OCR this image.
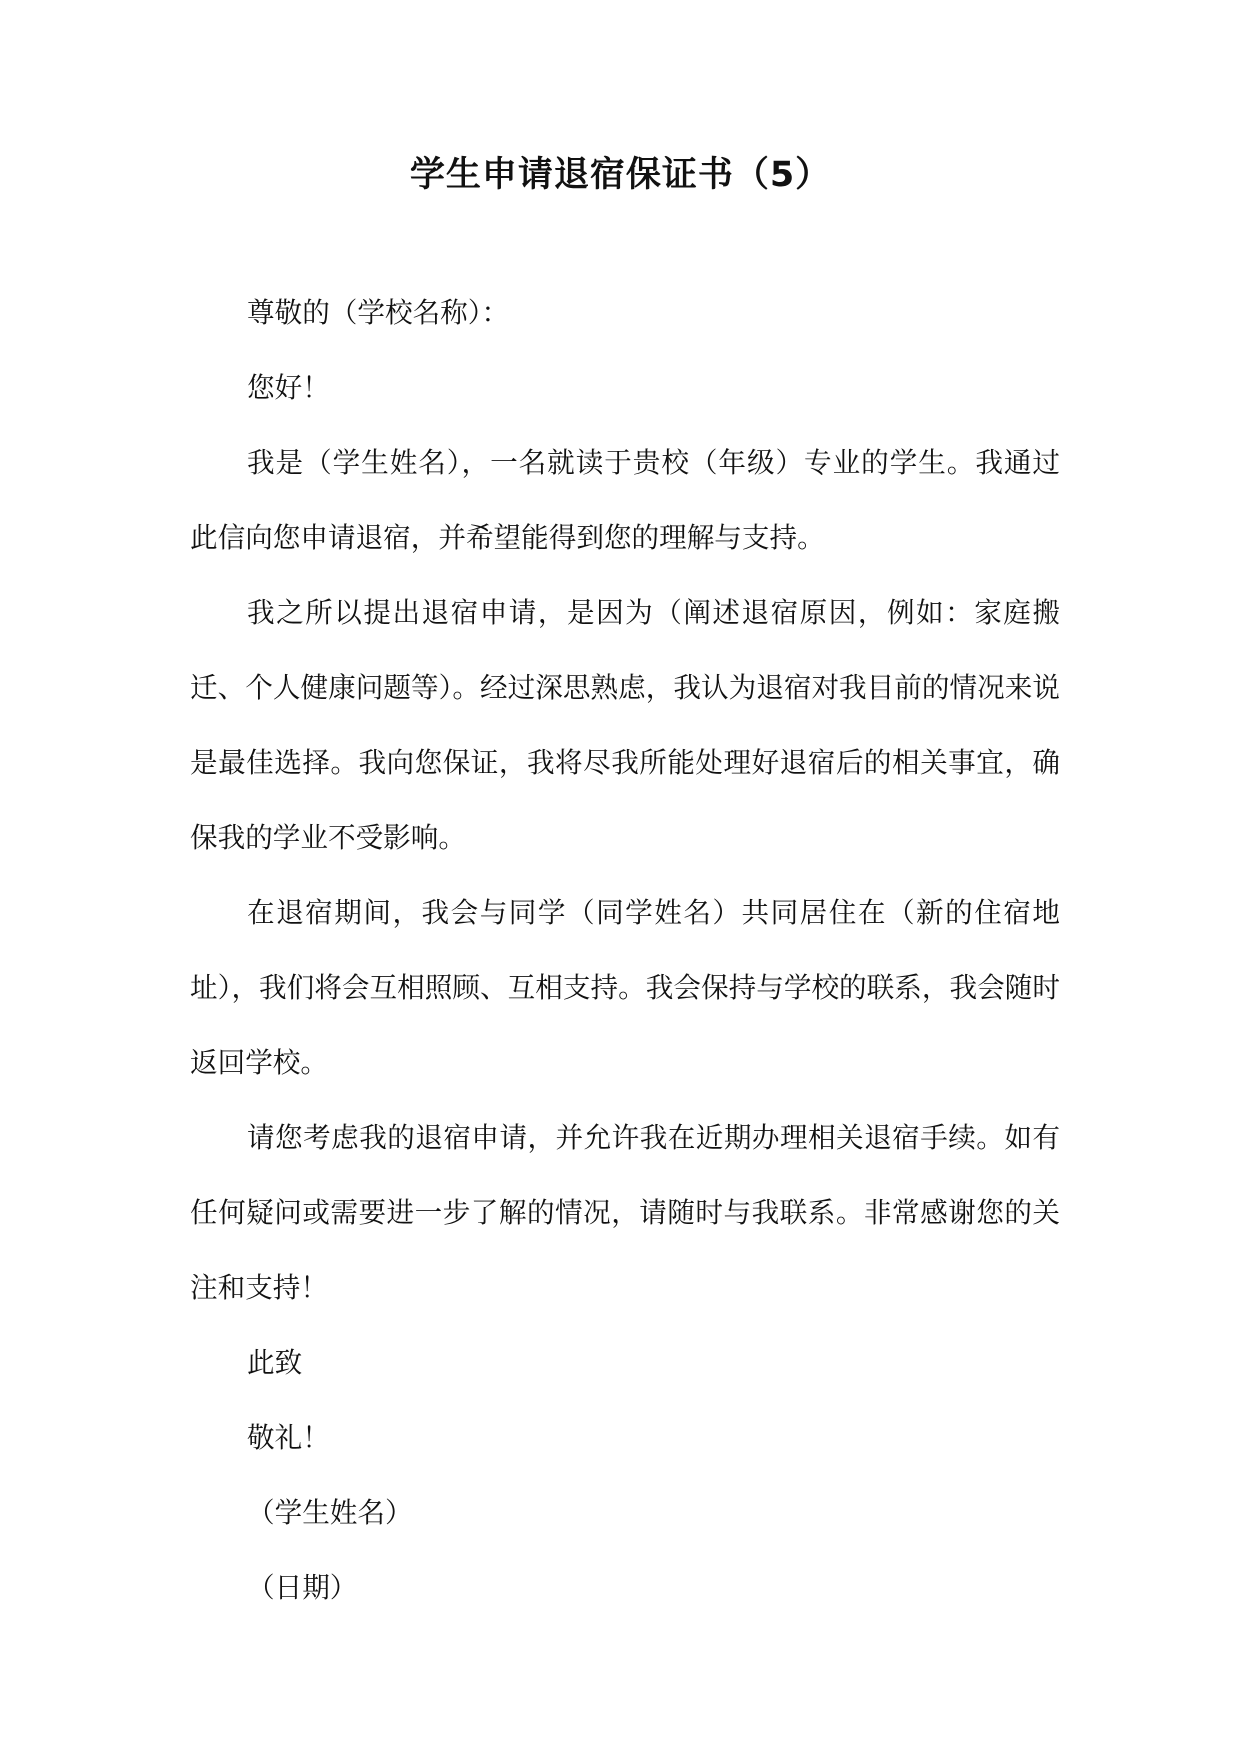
学生申请退宿保证书（5）

尊敬的（学校名称）：

您好！

我是（学生姓名），一名就读于贵校（年级）专业的学生。我通过此信向您申请退宿，并希望能得到您的理解与支持。

我之所以提出退宿申请，是因为（阐述退宿原因，例如：家庭搬迁、个人健康问题等）。经过深思熟虑，我认为退宿对我目前的情况来说是最佳选择。我向您保证，我将尽我所能处理好退宿后的相关事宜，确保我的学业不受影响。

在退宿期间，我会与同学（同学姓名）共同居住在（新的住宿地址），我们将会互相照顾、互相支持。我会保持与学校的联系，我会随时返回学校。

请您考虑我的退宿申请，并允许我在近期办理相关退宿手续。如有任何疑问或需要进一步了解的情况，请随时与我联系。非常感谢您的关注和支持！

此致

敬礼！

（学生姓名）

（日期）
